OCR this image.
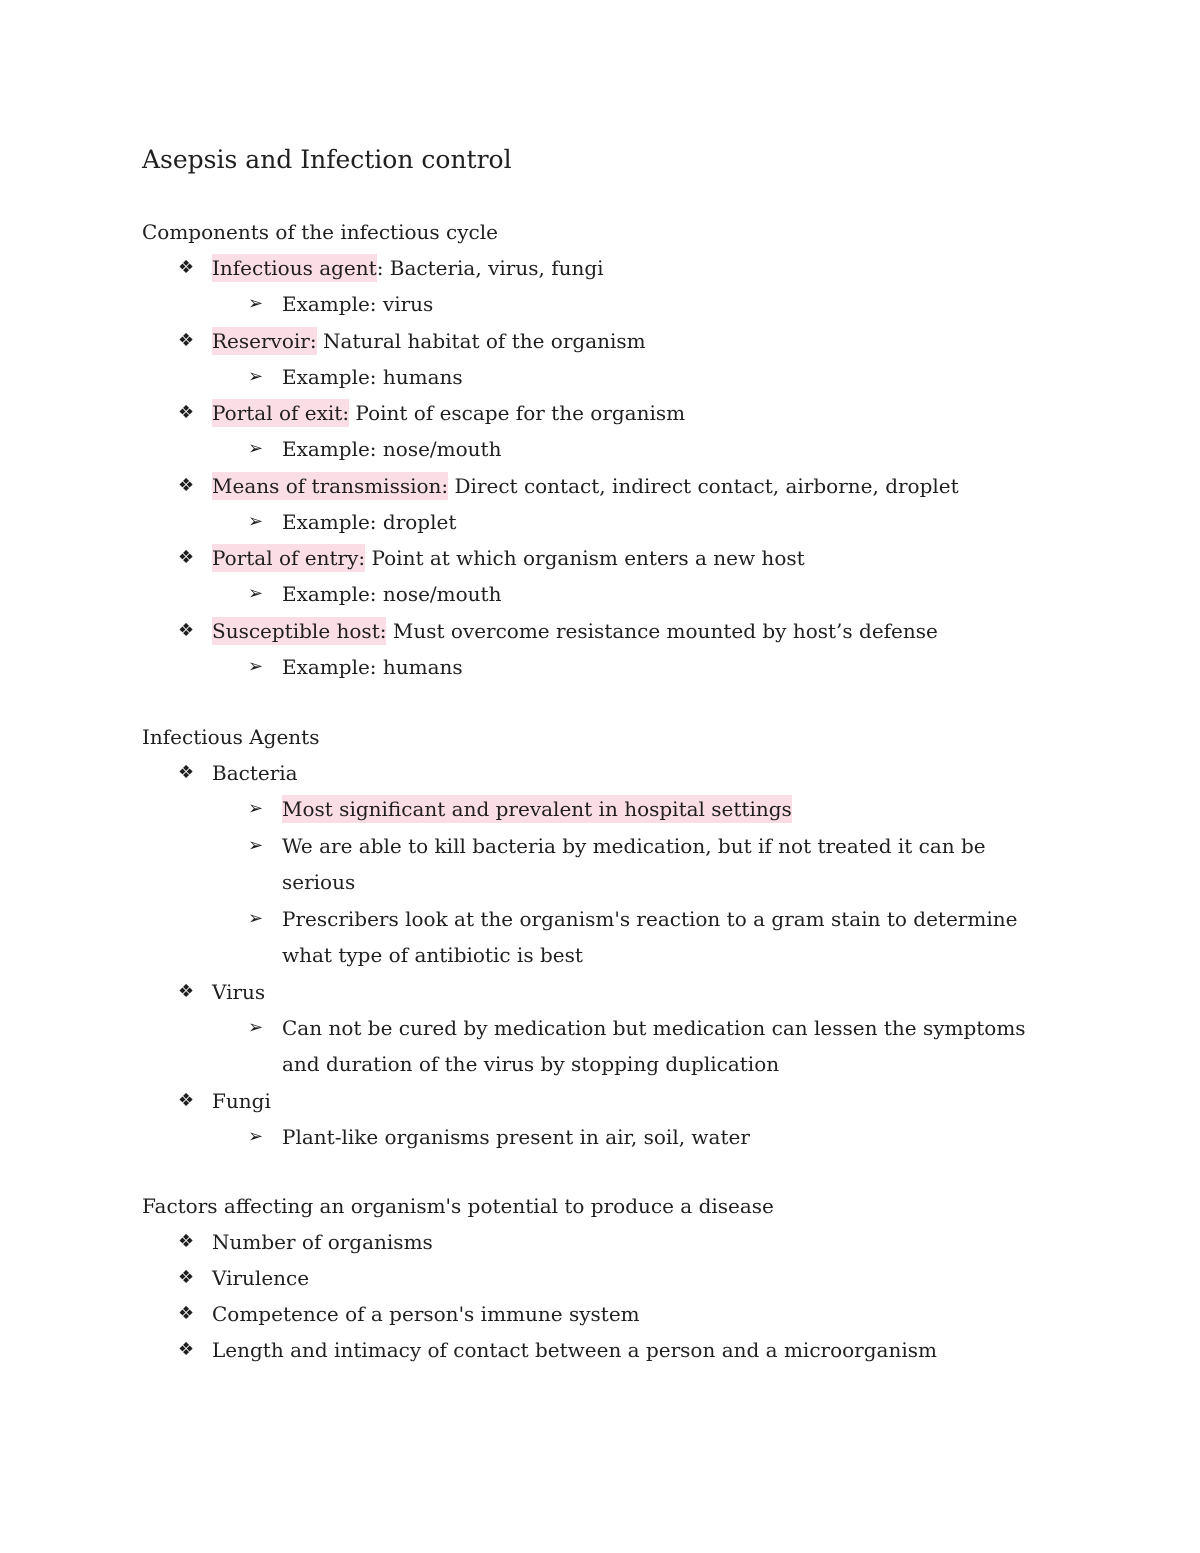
Asepsis and Infection control
Components of the infectious cycle
❖ Infectious agent: Bacteria, virus, fungi
➢ Example: virus
❖ Reservoir: Natural habitat of the organism
➢ Example: humans
❖ Portal of exit: Point of escape for the organism
➢ Example: nose/mouth
❖ Means of transmission: Direct contact, indirect contact, airborne, droplet
➢ Example: droplet
❖ Portal of entry: Point at which organism enters a new host
➢ Example: nose/mouth
❖ Susceptible host: Must overcome resistance mounted by host’s defense
➢ Example: humans
Infectious Agents
❖ Bacteria
➢ Most significant and prevalent in hospital settings
➢ We are able to kill bacteria by medication, but if not treated it can be serious
➢ Prescribers look at the organism's reaction to a gram stain to determine what type of antibiotic is best
❖ Virus
➢ Can not be cured by medication but medication can lessen the symptoms and duration of the virus by stopping duplication
❖ Fungi
➢ Plant-like organisms present in air, soil, water
Factors affecting an organism's potential to produce a disease
❖ Number of organisms
❖ Virulence
❖ Competence of a person's immune system
❖ Length and intimacy of contact between a person and a microorganism
